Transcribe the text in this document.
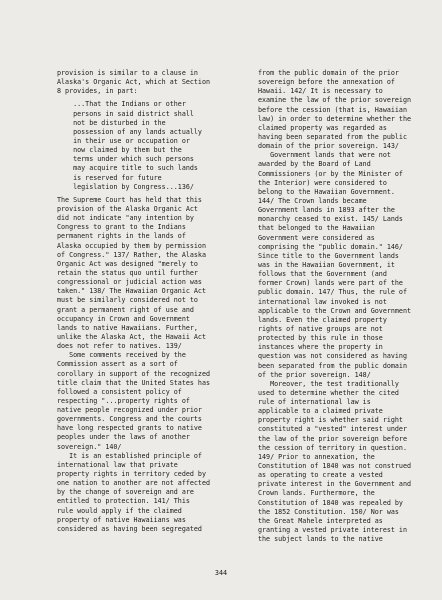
provision is similar to a clause in
Alaska's Organic Act, which at Section
8 provides, in part:
...That the Indians or other
persons in said district shall
not be disturbed in the
possession of any lands actually
in their use or occupation or
now claimed by them but the
terms under which such persons
may acquire title to such lands
is reserved for future
legislation by Congress...136/
The Supreme Court has held that this
provision of the Alaska Organic Act
did not indicate "any intention by
Congress to grant to the Indians
permanent rights in the lands of
Alaska occupied by them by permission
of Congress." 137/ Rather, the Alaska
Organic Act was designed "merely to
retain the status quo until further
congressional or judicial action was
taken." 138/ The Hawaiian Organic Act
must be similarly considered not to
grant a permanent right of use and
occupancy in Crown and Government
lands to native Hawaiians. Further,
unlike the Alaska Act, the Hawaii Act
does not refer to natives. 139/
Some comments received by the
Commission assert as a sort of
corollary in support of the recognized
title claim that the United States has
followed a consistent policy of
respecting "...property rights of
native people recognized under prior
governments. Congress and the courts
have long respected grants to native
peoples under the laws of another
sovereign." 140/
It is an established principle of
international law that private
property rights in territory ceded by
one nation to another are not affected
by the change of sovereign and are
entitled to protection. 141/ This
rule would apply if the claimed
property of native Hawaiians was
considered as having been segregated
from the public domain of the prior
sovereign before the annexation of
Hawaii. 142/ It is necessary to
examine the law of the prior sovereign
before the cession (that is, Hawaiian
law) in order to determine whether the
claimed property was regarded as
having been separated from the public
domain of the prior sovereign. 143/
Government lands that were not
awarded by the Board of Land
Commissioners (or by the Minister of
the Interior) were considered to
belong to the Hawaiian Government.
144/ The Crown lands became
Government lands in 1893 after the
monarchy ceased to exist. 145/ Lands
that belonged to the Hawaiian
Government were considered as
comprising the "public domain." 146/
Since title to the Government lands
was in the Hawaiian Government, it
follows that the Government (and
former Crown) lands were part of the
public domain. 147/ Thus, the rule of
international law invoked is not
applicable to the Crown and Government
lands. Even the claimed property
rights of native groups are not
protected by this rule in those
instances where the property in
question was not considered as having
been separated from the public domain
of the prior sovereign. 148/
Moreover, the test traditionally
used to determine whether the cited
rule of international law is
applicable to a claimed private
property right is whether said right
constituted a "vested" interest under
the law of the prior sovereign before
the cession of territory in question.
149/ Prior to annexation, the
Constitution of 1840 was not construed
as operating to create a vested
private interest in the Government and
Crown lands. Furthermore, the
Constitution of 1840 was repealed by
the 1852 Constitution. 150/ Nor was
the Great Mahele interpreted as
granting a vested private interest in
the subject lands to the native
344
